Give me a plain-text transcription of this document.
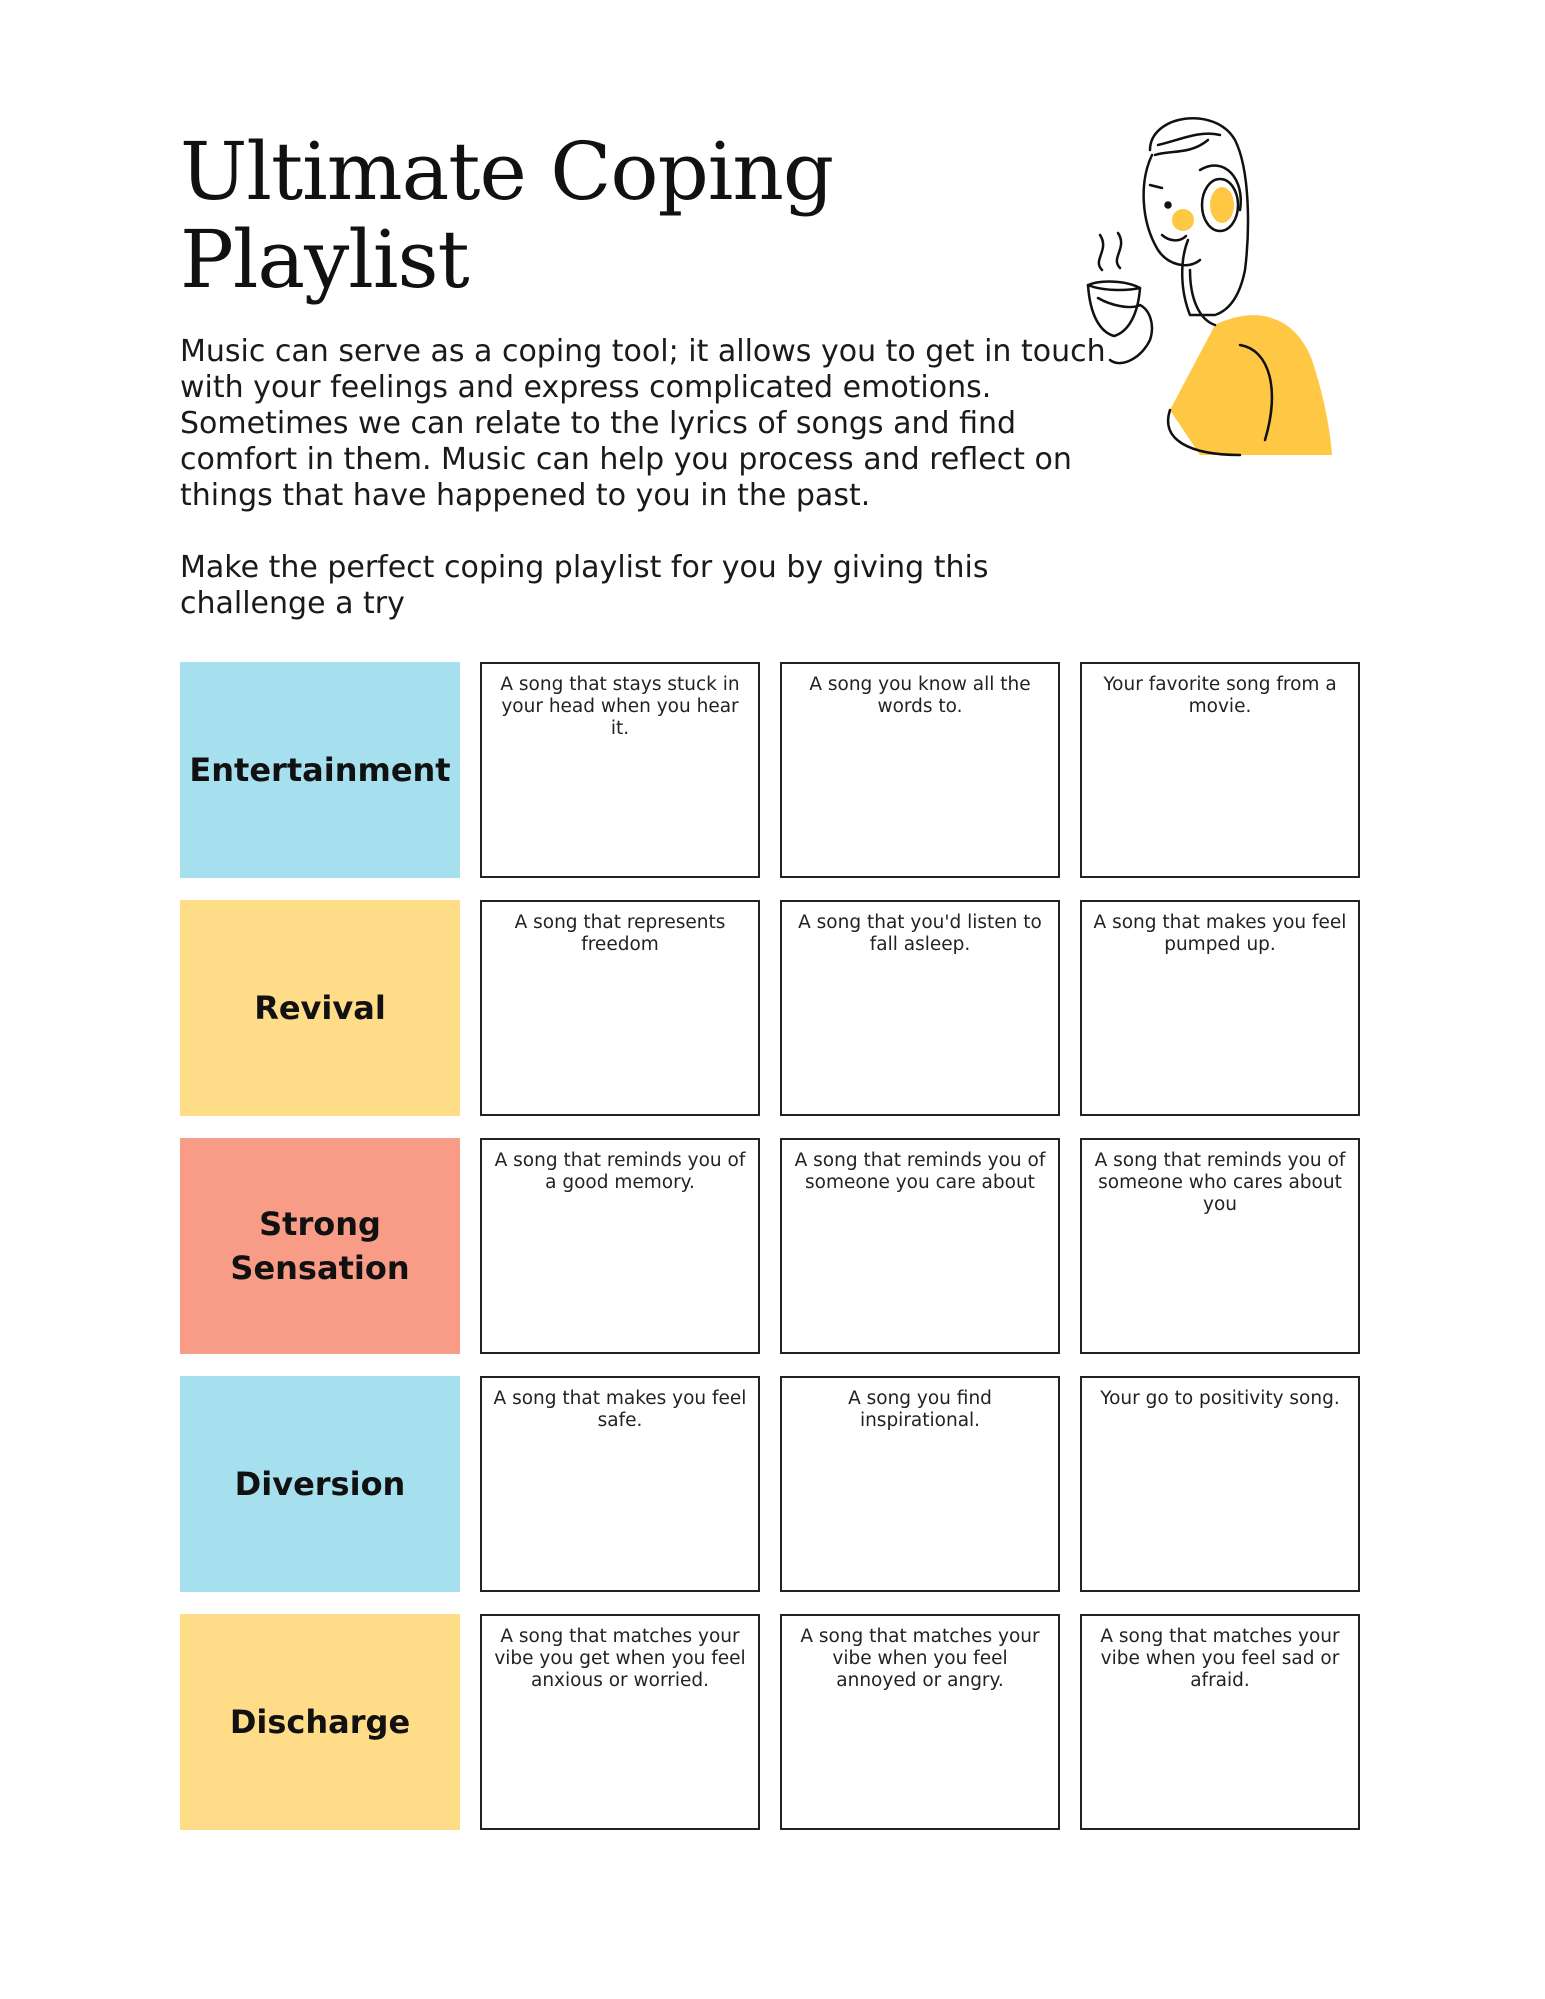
Ultimate Coping Playlist

Music can serve as a coping tool; it allows you to get in touch with your feelings and express complicated emotions. Sometimes we can relate to the lyrics of songs and find comfort in them. Music can help you process and reflect on things that have happened to you in the past.

Make the perfect coping playlist for you by giving this challenge a try

Entertainment
A song that stays stuck in your head when you hear it.
A song you know all the words to.
Your favorite song from a movie.
Revival
A song that represents freedom
A song that you'd listen to fall asleep.
A song that makes you feel pumped up.
Strong Sensation
A song that reminds you of a good memory.
A song that reminds you of someone you care about
A song that reminds you of someone who cares about you
Diversion
A song that makes you feel safe.
A song you find inspirational.
Your go to positivity song.
Discharge
A song that matches your vibe you get when you feel anxious or worried.
A song that matches your vibe when you feel annoyed or angry.
A song that matches your vibe when you feel sad or afraid.
